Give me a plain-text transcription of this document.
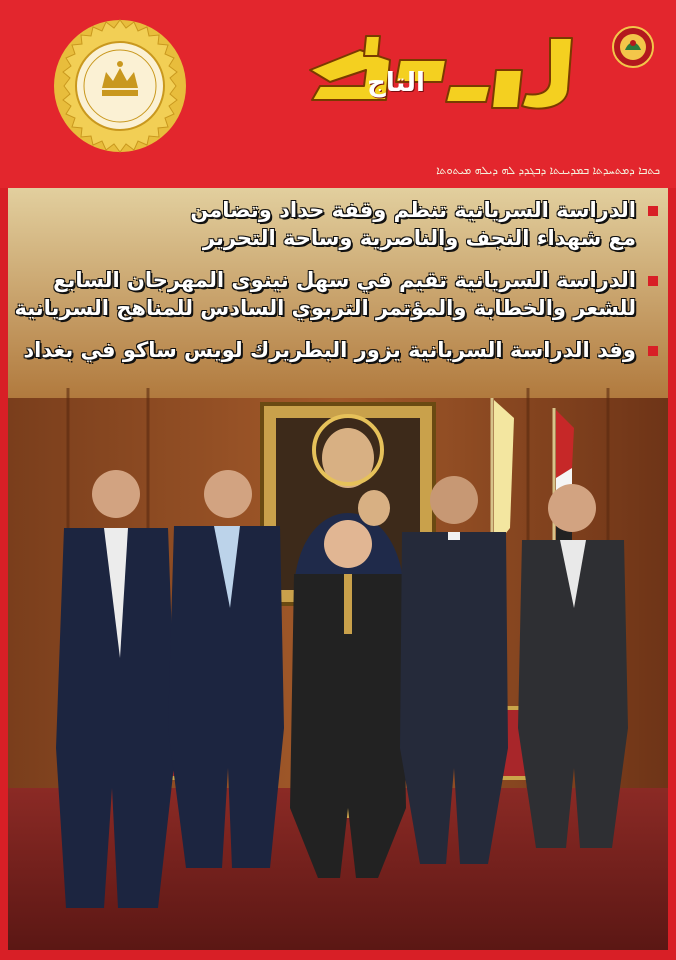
التاج
ܟܬܒܐ ܕܡܬܚܕܬܐ ܒܡܕܝܢܬܐ ܕܒܓܕܕ ܠܗ ܕܝܠܗ ܡܝܬܘܬܐ
الدراسة السريانية تنظم وقفة حداد وتضامن
مع شهداء النجف والناصرية وساحة التحرير
الدراسة السريانية تقيم في سهل نينوى المهرجان السابع
للشعر والخطابة والمؤتمر التربوي السادس للمناهج السريانية
وفد الدراسة السريانية يزور البطريرك لويس ساكو في بغداد
